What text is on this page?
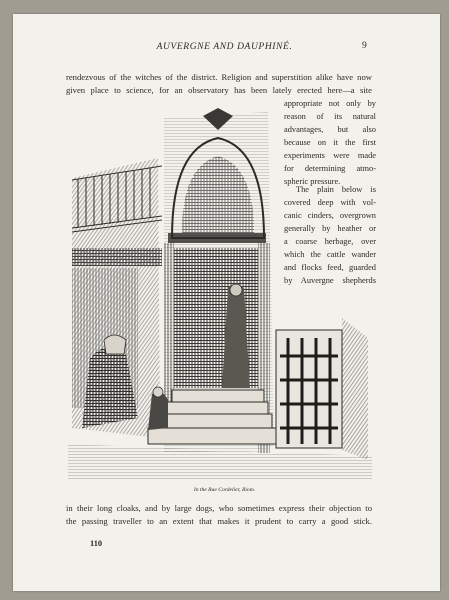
AUVERGNE AND DAUPHINÉ.	9
rendezvous of the witches of the district. Religion and superstition alike have now
given place to science, for an observatory has been lately erected here—a site
appropriate not only by
reason of its natural
advantages, but also
because on it the first
experiments were made
for determining atmo-
spheric pressure.
The plain below is
covered deep with vol-
canic cinders, overgrown
generally by heather or
a coarse herbage, over
which the cattle wander
and flocks feed, guarded
by Auvergne shepherds
In the Rue Cordelier, Riom.
in their long cloaks, and by large dogs, who sometimes express their objection to
the passing traveller to an extent that makes it prudent to carry a good stick.
110
